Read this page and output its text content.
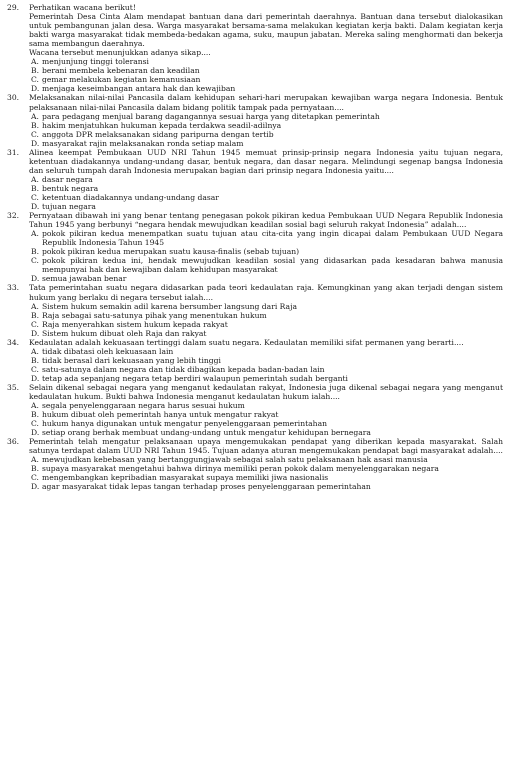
29. Perhatikan wacana berikut!

Pemerintah Desa Cinta Alam mendapat bantuan dana dari pemerintah daerahnya. Bantuan dana tersebut dialokasikan untuk pembangunan jalan desa. Warga masyarakat bersama-sama melakukan kegiatan kerja bakti. Dalam kegiatan kerja bakti warga masyarakat tidak membeda-bedakan agama, suku, maupun jabatan. Mereka saling menghormati dan bekerja sama membangun daerahnya.

Wacana tersebut menunjukkan adanya sikap....

A. menjunjung tinggi toleransi
B. berani membela kebenaran dan keadilan
C. gemar melakukan kegiatan kemanusiaan
D. menjaga keseimbangan antara hak dan kewajiban
30. Melaksanakan nilai-nilai Pancasila dalam kehidupan sehari-hari merupakan kewajiban warga negara Indonesia. Bentuk pelaksanaan nilai-nilai Pancasila dalam bidang politik tampak pada pernyataan....

A. para pedagang menjual barang dagangannya sesuai harga yang ditetapkan pemerintah
B. hakim menjatuhkan hukuman kepada terdakwa seadil-adilnya
C. anggota DPR melaksanakan sidang paripurna dengan tertib
D. masyarakat rajin melaksanakan ronda setiap malam
31. Alinea keempat Pembukaan UUD NRI Tahun 1945 memuat prinsip-prinsip negara Indonesia yaitu tujuan negara, ketentuan diadakannya undang-undang dasar, bentuk negara, dan dasar negara. Melindungi segenap bangsa Indonesia dan seluruh tumpah darah Indonesia merupakan bagian dari prinsip negara Indonesia yaitu....

A. dasar negara
B. bentuk negara
C. ketentuan diadakannya undang-undang dasar
D. tujuan negara
32. Pernyataan dibawah ini yang benar tentang penegasan pokok pikiran kedua Pembukaan UUD Negara Republik Indonesia Tahun 1945 yang berbunyi “negara hendak mewujudkan keadilan sosial bagi seluruh rakyat Indonesia” adalah....

A. pokok pikiran kedua menempatkan suatu tujuan atau cita-cita yang ingin dicapai dalam Pembukaan UUD Negara Republik Indonesia Tahun 1945
B. pokok pikiran kedua merupakan suatu kausa-finalis (sebab tujuan)
C. pokok pikiran kedua ini, hendak mewujudkan keadilan sosial yang didasarkan pada kesadaran bahwa manusia mempunyai hak dan kewajiban dalam kehidupan masyarakat
D. semua jawaban benar
33. Tata pemerintahan suatu negara didasarkan pada teori kedaulatan raja. Kemungkinan yang akan terjadi dengan sistem hukum yang berlaku di negara tersebut ialah....

A. Sistem hukum semakin adil karena bersumber langsung dari Raja
B. Raja sebagai satu-satunya pihak yang menentukan hukum
C. Raja menyerahkan sistem hukum kepada rakyat
D. Sistem hukum dibuat oleh Raja dan rakyat
34. Kedaulatan adalah kekuasaan tertinggi dalam suatu negara. Kedaulatan memiliki sifat permanen yang berarti....

A. tidak dibatasi oleh kekuasaan lain
B. tidak berasal dari kekuasaan yang lebih tinggi
C. satu-satunya dalam negara dan tidak dibagikan kepada badan-badan lain
D. tetap ada sepanjang negara tetap berdiri walaupun pemerintah sudah berganti
35. Selain dikenal sebagai negara yang menganut kedaulatan rakyat, Indonesia juga dikenal sebagai negara yang menganut kedaulatan hukum. Bukti bahwa Indonesia menganut kedaulatan hukum ialah....

A. segala penyelenggaraan negara harus sesuai hukum
B. hukum dibuat oleh pemerintah hanya untuk mengatur rakyat
C. hukum hanya digunakan untuk mengatur penyelenggaraan pemerintahan
D. setiap orang berhak membuat undang-undang untuk mengatur kehidupan bernegara
36. Pemerintah telah mengatur pelaksanaan upaya mengemukakan pendapat yang diberikan kepada masyarakat. Salah satunya terdapat dalam UUD NRI Tahun 1945. Tujuan adanya aturan mengemukakan pendapat bagi masyarakat adalah....

A. mewujudkan kebebasan yang bertanggungjawab sebagai salah satu pelaksanaan hak asasi manusia
B. supaya masyarakat mengetahui bahwa dirinya memiliki peran pokok dalam menyelenggarakan negara
C. mengembangkan kepribadian masyarakat supaya memiliki jiwa nasionalis
D. agar masyarakat tidak lepas tangan terhadap proses penyelenggaraan pemerintahan
